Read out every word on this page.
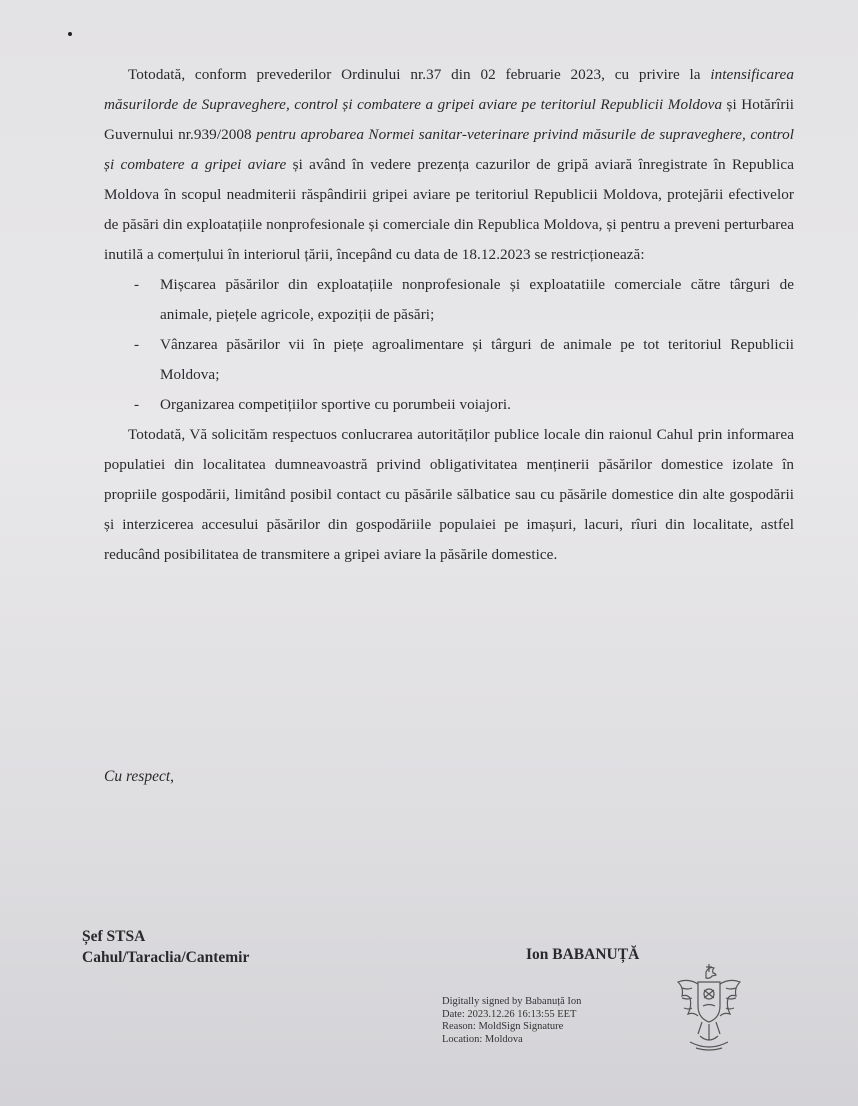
Totodată, conform prevederilor Ordinului nr.37 din 02 februarie 2023, cu privire la intensificarea măsurilorde de Supraveghere, control și combatere a gripei aviare pe teritoriul Republicii Moldova și Hotărîrii Guvernului nr.939/2008 pentru aprobarea Normei sanitar-veterinare privind măsurile de supraveghere, control și combatere a gripei aviare și având în vedere prezența cazurilor de gripă aviară înregistrate în Republica Moldova în scopul neadmiterii răspândirii gripei aviare pe teritoriul Republicii Moldova, protejării efectivelor de păsări din exploatațiile nonprofesionale și comerciale din Republica Moldova, și pentru a preveni perturbarea inutilă a comerțului în interiorul țării, începând cu data de 18.12.2023 se restricționează:

- Mișcarea păsărilor din exploatațiile nonprofesionale și exploatatiile comerciale către târguri de animale, piețele agricole, expoziții de păsări;
- Vânzarea păsărilor vii în piețe agroalimentare și târguri de animale pe tot teritoriul Republicii Moldova;
- Organizarea competițiilor sportive cu porumbeii voiajori.

Totodată, Vă solicităm respectuos conlucrarea autorităților publice locale din raionul Cahul prin informarea populatiei din localitatea dumneavoastră privind obligativitatea menținerii păsărilor domestice izolate în propriile gospodării, limitând posibil contact cu păsările sălbatice sau cu păsările domestice din alte gospodării și interzicerea accesului păsărilor din gospodăriile populaiei pe imașuri, lacuri, rîuri din localitate, astfel reducând posibilitatea de transmitere a gripei aviare la păsările domestice.

Cu respect,
Șef STSA
Cahul/Taraclia/Cantemir	Ion BABANUȚĂ
Digitally signed by Babanuță Ion
Date: 2023.12.26 16:13:55 EET
Reason: MoldSign Signature
Location: Moldova
